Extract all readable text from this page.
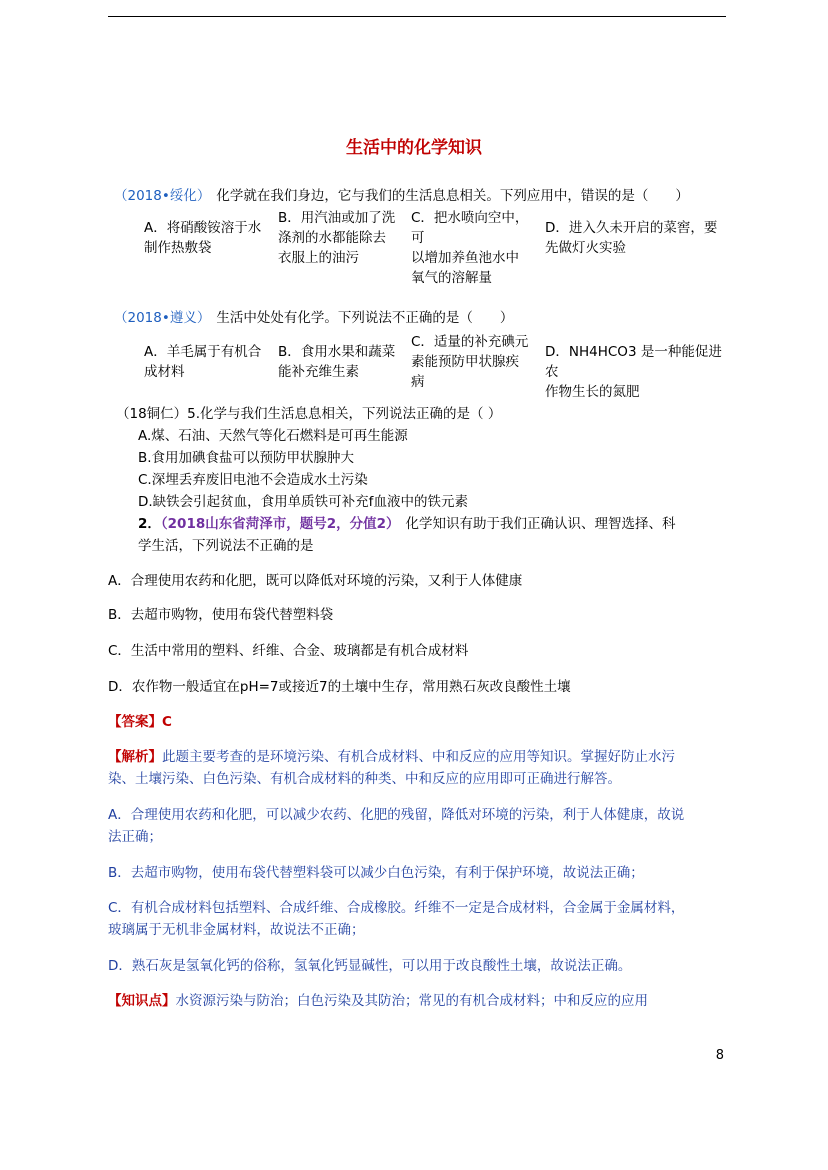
生活中的化学知识
（2018•绥化） 化学就在我们身边，它与我们的生活息息相关。下列应用中，错误的是（　　）
A．将硝酸铵溶于水
制作热敷袋
B．用汽油或加了洗
涤剂的水都能除去
衣服上的油污
C．把水喷向空中，可
以增加养鱼池水中
氧气的溶解量
D．进入久未开启的菜窖，要
先做灯火实验
（2018•遵义） 生活中处处有化学。下列说法不正确的是（　　）
A．羊毛属于有机合
成材料
B．食用水果和蔬菜
能补充维生素
C．适量的补充碘元
素能预防甲状腺疾
病
D．NH4HCO3 是一种能促进农
作物生长的氮肥
（18铜仁）5.化学与我们生活息息相关，下列说法正确的是（ ）
A.煤、石油、天然气等化石燃料是可再生能源
B.食用加碘食盐可以预防甲状腺肿大
C.深埋丢弃废旧电池不会造成水土污染
D.缺铁会引起贫血，食用单质铁可补充f血液中的铁元素
2．（2018山东省菏泽市，题号2，分值2） 化学知识有助于我们正确认识、理智选择、科
学生活，下列说法不正确的是
A．合理使用农药和化肥，既可以降低对环境的污染，又利于人体健康
B．去超市购物，使用布袋代替塑料袋
C．生活中常用的塑料、纤维、合金、玻璃都是有机合成材料
D．农作物一般适宜在pH=7或接近7的土壤中生存，常用熟石灰改良酸性土壤
【答案】C
【解析】此题主要考查的是环境污染、有机合成材料、中和反应的应用等知识。掌握好防止水污
染、土壤污染、白色污染、有机合成材料的种类、中和反应的应用即可正确进行解答。
A．合理使用农药和化肥，可以减少农药、化肥的残留，降低对环境的污染，利于人体健康，故说
法正确；
B．去超市购物，使用布袋代替塑料袋可以减少白色污染，有利于保护环境，故说法正确；
C．有机合成材料包括塑料、合成纤维、合成橡胶。纤维不一定是合成材料，合金属于金属材料，
玻璃属于无机非金属材料，故说法不正确；
D．熟石灰是氢氧化钙的俗称，氢氧化钙显碱性，可以用于改良酸性土壤，故说法正确。
【知识点】水资源污染与防治；白色污染及其防治；常见的有机合成材料；中和反应的应用
8
